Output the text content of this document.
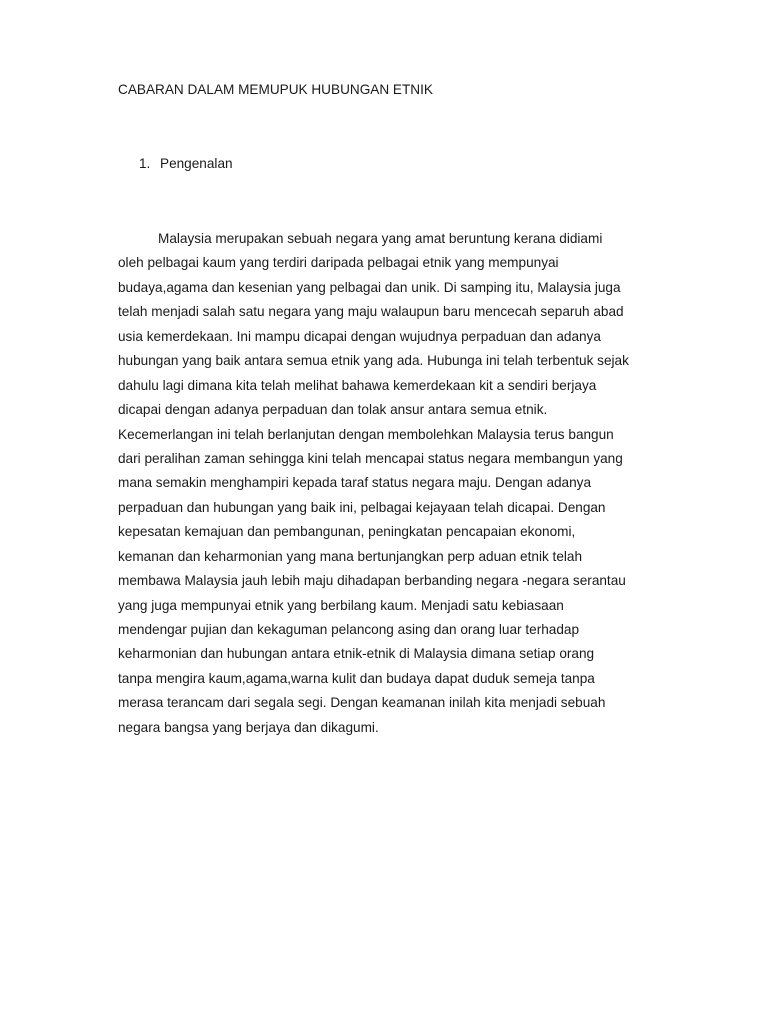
CABARAN DALAM MEMUPUK HUBUNGAN ETNIK
1. Pengenalan
Malaysia merupakan sebuah negara yang amat beruntung kerana didiami
oleh pelbagai kaum yang terdiri daripada pelbagai etnik yang mempunyai
budaya,agama dan kesenian yang pelbagai dan unik. Di samping itu, Malaysia juga
telah menjadi salah satu negara yang maju walaupun baru mencecah separuh abad
usia kemerdekaan. Ini mampu dicapai dengan wujudnya perpaduan dan adanya
hubungan yang baik antara semua etnik yang ada. Hubunga ini telah terbentuk sejak
dahulu lagi dimana kita telah melihat bahawa kemerdekaan kit a sendiri berjaya
dicapai dengan adanya perpaduan dan tolak ansur antara semua etnik.
Kecemerlangan ini telah berlanjutan dengan membolehkan Malaysia terus bangun
dari peralihan zaman sehingga kini telah mencapai status negara membangun yang
mana semakin menghampiri kepada taraf status negara maju. Dengan adanya
perpaduan dan hubungan yang baik ini, pelbagai kejayaan telah dicapai. Dengan
kepesatan kemajuan dan pembangunan, peningkatan pencapaian ekonomi,
kemanan dan keharmonian yang mana bertunjangkan perp aduan etnik telah
membawa Malaysia jauh lebih maju dihadapan berbanding negara -negara serantau
yang juga mempunyai etnik yang berbilang kaum. Menjadi satu kebiasaan
mendengar pujian dan kekaguman pelancong asing dan orang luar terhadap
keharmonian dan hubungan antara etnik-etnik di Malaysia dimana setiap orang
tanpa mengira kaum,agama,warna kulit dan budaya dapat duduk semeja tanpa
merasa terancam dari segala segi. Dengan keamanan inilah kita menjadi sebuah
negara bangsa yang berjaya dan dikagumi.
